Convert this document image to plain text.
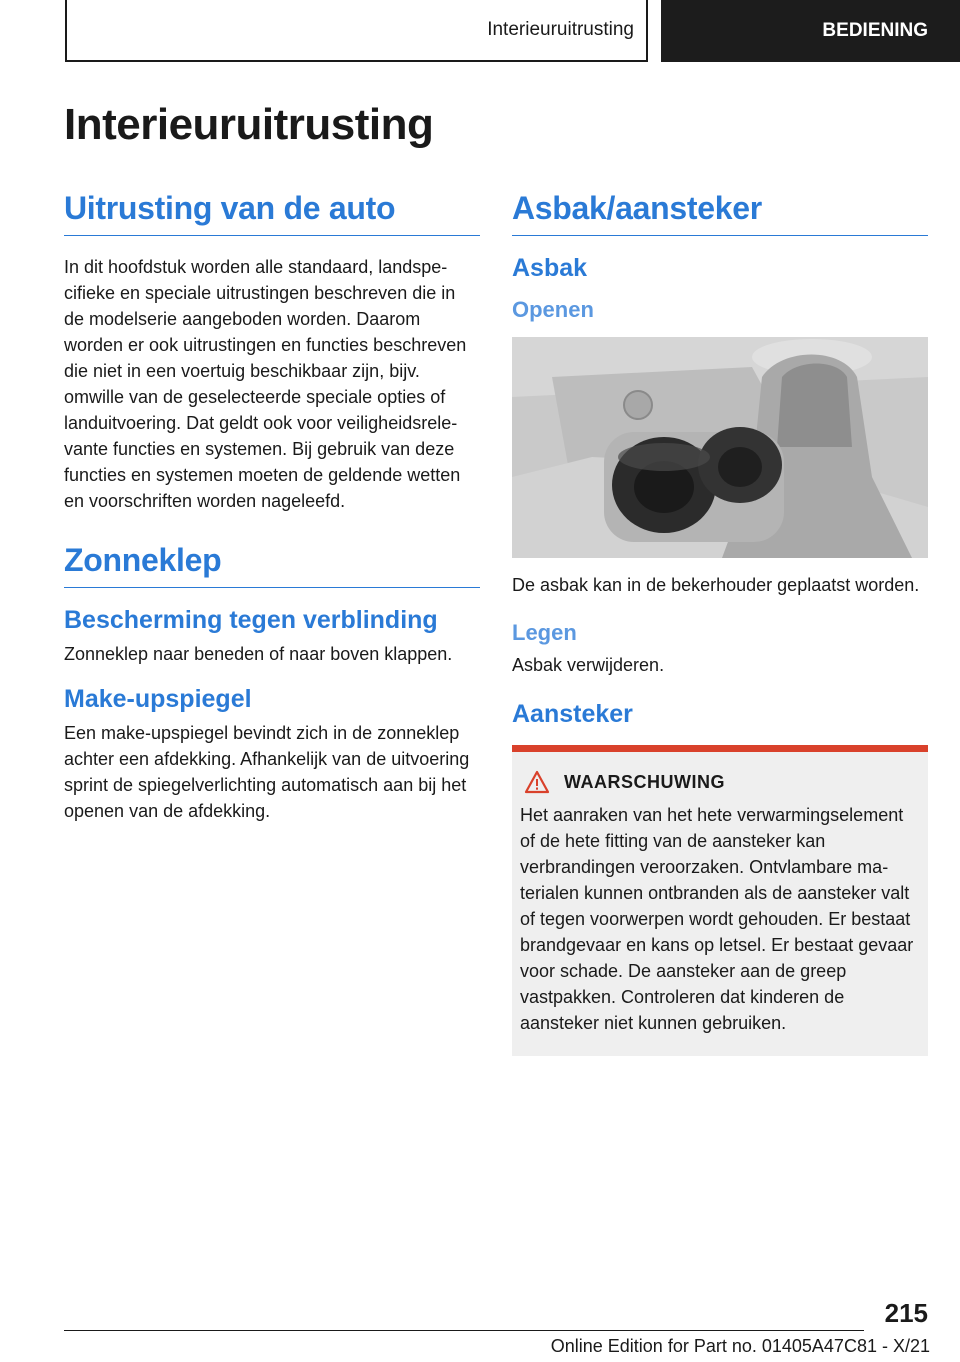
Interieuruitrusting	BEDIENING
Interieuruitrusting
Uitrusting van de auto

In dit hoofdstuk worden alle standaard, landspecifieke en speciale uitrustingen beschreven die in de modelserie aangeboden worden. Daarom worden er ook uitrustingen en functies beschreven die niet in een voertuig beschikbaar zijn, bijv. omwille van de geselecteerde speciale opties of landuitvoering. Dat geldt ook voor veiligheidsrelevante functies en systemen. Bij gebruik van deze functies en systemen moeten de geldende wetten en voorschriften worden nageleefd.

Zonneklep
Bescherming tegen verblinding

Zonneklep naar beneden of naar boven klappen.

Make-upspiegel

Een make-upspiegel bevindt zich in de zonneklep achter een afdekking. Afhankelijk van de uitvoering sprint de spiegelverlichting automatisch aan bij het openen van de afdekking.

Asbak/aansteker
Asbak
Openen

De asbak kan in de bekerhouder geplaatst worden.

Legen

Asbak verwijderen.

Aansteker
WAARSCHUWING

Het aanraken van het hete verwarmingselement of de hete fitting van de aansteker kan verbrandingen veroorzaken. Ontvlambare materialen kunnen ontbranden als de aansteker valt of tegen voorwerpen wordt gehouden. Er bestaat brandgevaar en kans op letsel. Er bestaat gevaar voor schade. De aansteker aan de greep vastpakken. Controleren dat kinderen de aansteker niet kunnen gebruiken.

215
Online Edition for Part no. 01405A47C81 - X/21
